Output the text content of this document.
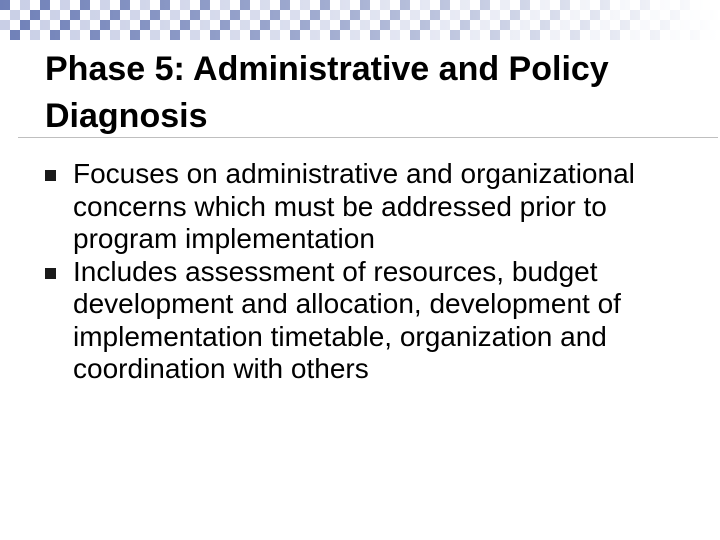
Phase 5: Administrative and Policy Diagnosis
Focuses on administrative and organizational concerns which must be addressed prior to program implementation
Includes assessment of resources, budget development and allocation, development of implementation timetable, organization and coordination with others
